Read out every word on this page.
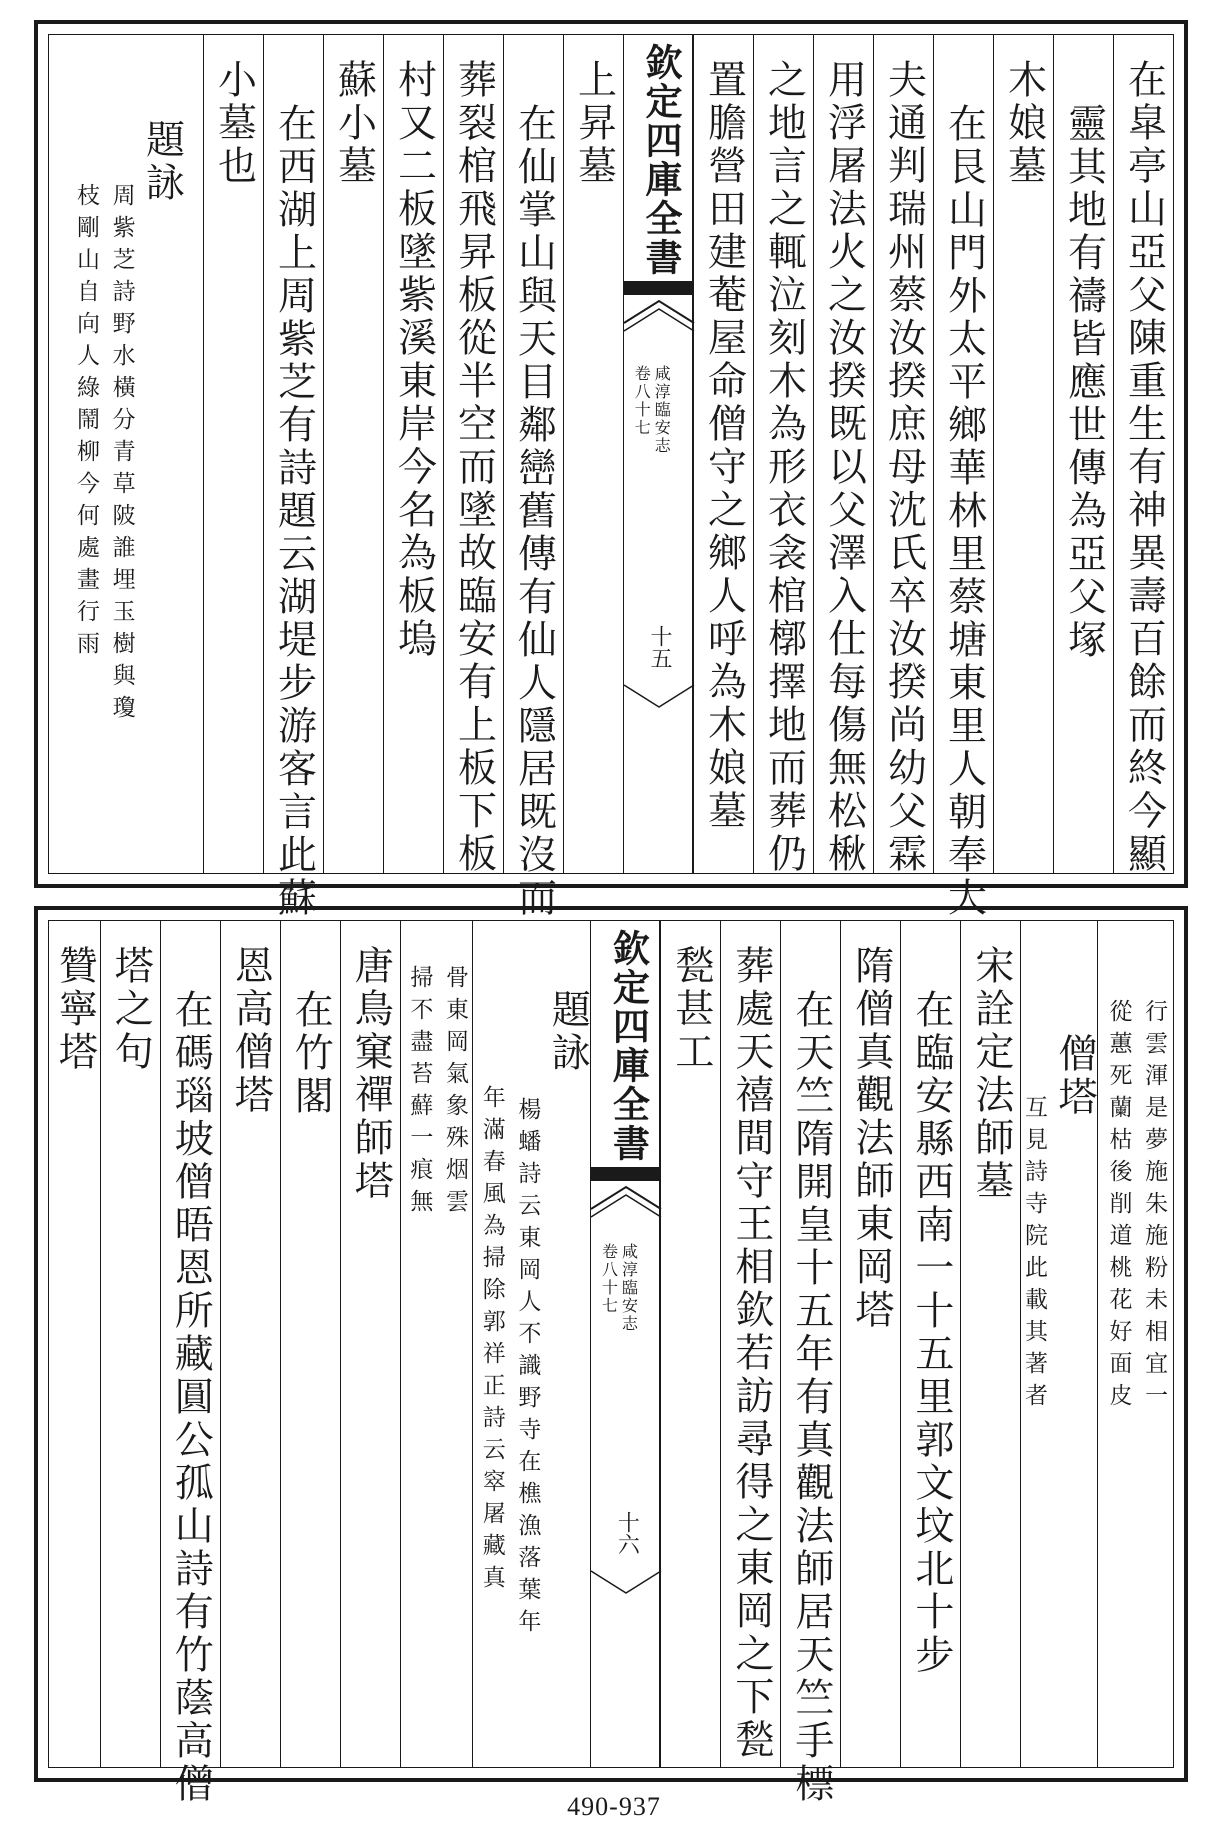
在皐亭山亞父陳重生有神異壽百餘而終今顯
靈其地有禱皆應世傳為亞父塚
木娘墓
在艮山門外太平鄉華林里蔡塘東里人朝奉大
夫通判瑞州蔡汝揆庶母沈氏卒汝揆尚幼父霖
用浮屠法火之汝揆既以父澤入仕每傷無松楸
之地言之輒泣刻木為形衣衾棺槨擇地而葬仍
置膽營田建菴屋命僧守之鄉人呼為木娘墓
欽定四庫全書
咸淳臨安志
卷八十七
十五
上昇墓
在仙掌山與天目鄰巒舊傳有仙人隱居既沒而
葬裂棺飛昇板從半空而墜故臨安有上板下板
村又二板墜紫溪東岸今名為板塢
蘇小墓
在西湖上周紫芝有詩題云湖堤步游客言此蘇
小墓也
題詠
周紫芝詩野水橫分青草陂誰埋玉樹與瓊
枝剛山自向人綠鬧柳今何處畫行雨
行雲渾是夢施朱施粉未相宜一
從蕙死蘭枯後削道桃花好面皮
僧塔
互見詩寺院此載其著者
宋詮定法師墓
在臨安縣西南一十五里郭文坟北十步
隋僧真觀法師東岡塔
在天竺隋開皇十五年有真觀法師居天竺手標
葬處天禧間守王相欽若訪尋得之東岡之下甃
甃甚工
欽定四庫全書
咸淳臨安志
卷八十七
十六
題詠
楊蟠詩云東岡人不識野寺在樵漁落葉年
年滿春風為掃除郭祥正詩云窣屠藏真
骨東岡氣象殊烟雲
掃不盡苔蘚一痕無
唐鳥窠禪師塔
在竹閣
恩高僧塔
在碼瑙坡僧晤恩所藏圓公孤山詩有竹蔭高僧
塔之句
贊寧塔
490-937
